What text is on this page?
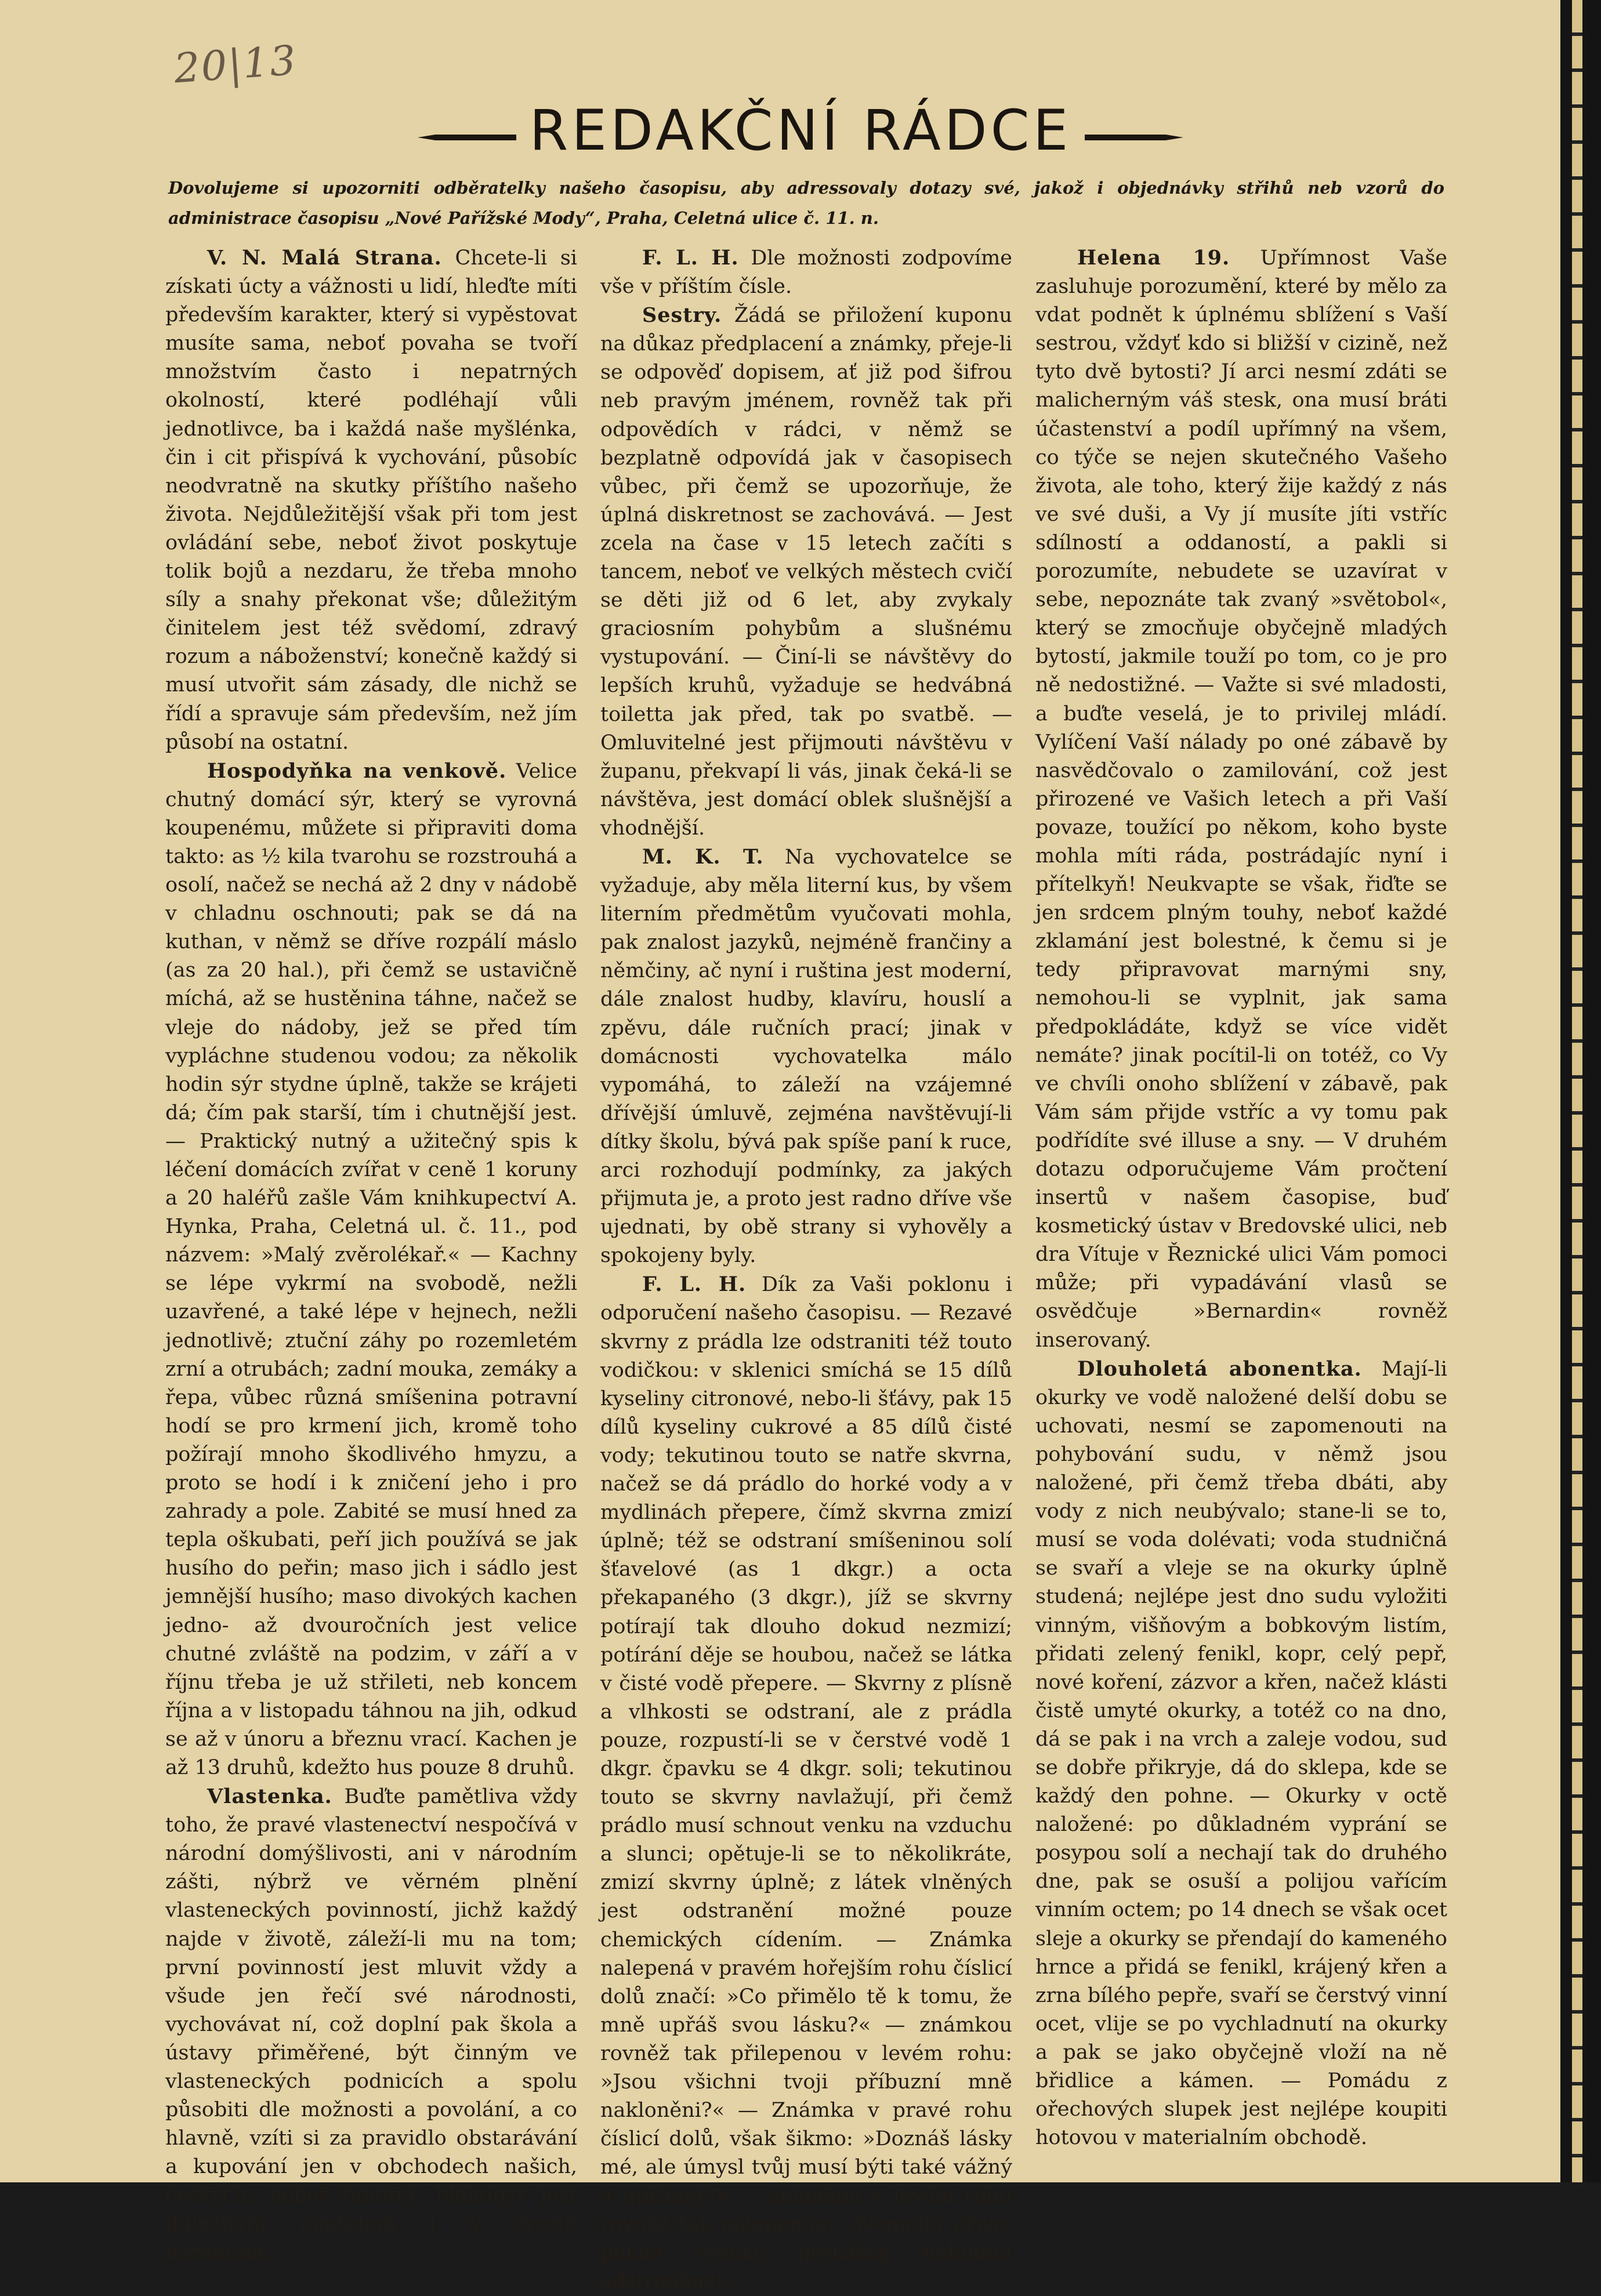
20|13
REDAKČNÍ RÁDCE
Dovolujeme si upozorniti odběratelky našeho časopisu, aby adressovaly dotazy své, jakož i objednávky střihů neb vzorů do administrace časopisu „Nové Pařížské Mody“, Praha, Celetná ulice č. 11. n.

V. N. Malá Strana. Chcete-li si získati úcty a vážnosti u lidí, hleďte míti především karakter, který si vypěstovat musíte sama, neboť povaha se tvoří množstvím často i nepatrných okolností, které podléhají vůli jednotlivce, ba i každá naše myšlénka, čin i cit přispívá k vychování, působíc neodvratně na skutky příštího našeho života. Nejdůležitější však při tom jest ovládání sebe, neboť život poskytuje tolik bojů a nezdaru, že třeba mnoho síly a snahy překonat vše; důležitým činitelem jest též svědomí, zdravý rozum a náboženství; konečně každý si musí utvořit sám zásady, dle nichž se řídí a spravuje sám především, než jím působí na ostatní.

Hospodyňka na venkově. Velice chutný domácí sýr, který se vyrovná koupenému, můžete si připraviti doma takto: as ½ kila tvarohu se rozstrouhá a osolí, načež se nechá až 2 dny v nádobě v chladnu oschnouti; pak se dá na kuthan, v němž se dříve rozpálí máslo (as za 20 hal.), při čemž se ustavičně míchá, až se hustěnina táhne, načež se vleje do nádoby, jež se před tím vypláchne studenou vodou; za několik hodin sýr stydne úplně, takže se krájeti dá; čím pak starší, tím i chutnější jest. — Praktický nutný a užitečný spis k léčení domácích zvířat v ceně 1 koruny a 20 haléřů zašle Vám knihkupectví A. Hynka, Praha, Celetná ul. č. 11., pod názvem: »Malý zvěrolékař.« — Kachny se lépe vykrmí na svobodě, nežli uzavřené, a také lépe v hejnech, nežli jednotlivě; ztuční záhy po rozemletém zrní a otrubách; zadní mouka, zemáky a řepa, vůbec různá smíšenina potravní hodí se pro krmení jich, kromě toho požírají mnoho škodlivého hmyzu, a proto se hodí i k zničení jeho i pro zahrady a pole. Zabité se musí hned za tepla oškubati, peří jich používá se jak husího do peřin; maso jich i sádlo jest jemnější husího; maso divokých kachen jedno- až dvouročních jest velice chutné zvláště na podzim, v září a v říjnu třeba je už střileti, neb koncem října a v listopadu táhnou na jih, odkud se až v únoru a březnu vrací. Kachen je až 13 druhů, kdežto hus pouze 8 druhů.

Vlastenka. Buďte pamětliva vždy toho, že pravé vlastenectví nespočívá v národní domýšlivosti, ani v národním zášti, nýbrž ve věrném plnění vlasteneckých povinností, jichž každý najde v životě, záleží-li mu na tom; první povinností jest mluvit vždy a všude jen řečí své národnosti, vychovávat ní, což doplní pak škola a ústavy přiměřené, být činným ve vlasteneckých podnicích a spolu působiti dle možnosti a povolání, a co hlavně, vzíti si za pravidlo obstarávání a kupování jen v obchodech našich, českých, neboť hmotný blahobyt jest důležitým činitelem i v životě národním.

F. L. H. Dle možnosti zodpovíme vše v příštím čísle.

Sestry. Žádá se přiložení kuponu na důkaz předplacení a známky, přeje-li se odpověď dopisem, ať již pod šifrou neb pravým jménem, rovněž tak při odpovědích v rádci, v němž se bezplatně odpovídá jak v časopisech vůbec, při čemž se upozorňuje, že úplná diskretnost se zachovává. — Jest zcela na čase v 15 letech začíti s tancem, neboť ve velkých městech cvičí se děti již od 6 let, aby zvykaly graciosním pohybům a slušnému vystupování. — Činí-li se návštěvy do lepších kruhů, vyžaduje se hedvábná toiletta jak před, tak po svatbě. — Omluvitelné jest přijmouti návštěvu v županu, překvapí li vás, jinak čeká-li se návštěva, jest domácí oblek slušnější a vhodnější.

M. K. T. Na vychovatelce se vyžaduje, aby měla literní kus, by všem literním předmětům vyučovati mohla, pak znalost jazyků, nejméně frančiny a němčiny, ač nyní i ruština jest moderní, dále znalost hudby, klavíru, houslí a zpěvu, dále ručních prací; jinak v domácnosti vychovatelka málo vypomáhá, to záleží na vzájemné dřívější úmluvě, zejména navštěvují-li dítky školu, bývá pak spíše paní k ruce, arci rozhodují podmínky, za jakých přijmuta je, a proto jest radno dříve vše ujednati, by obě strany si vyhověly a spokojeny byly.

F. L. H. Dík za Vaši poklonu i odporučení našeho časopisu. — Rezavé skvrny z prádla lze odstraniti též touto vodičkou: v sklenici smíchá se 15 dílů kyseliny citronové, nebo-li šťávy, pak 15 dílů kyseliny cukrové a 85 dílů čisté vody; tekutinou touto se natře skvrna, načež se dá prádlo do horké vody a v mydlinách přepere, čímž skvrna zmizí úplně; též se odstraní smíšeninou solí šťavelové (as 1 dkgr.) a octa překapaného (3 dkgr.), jíž se skvrny potírají tak dlouho dokud nezmizí; potírání děje se houbou, načež se látka v čisté vodě přepere. — Skvrny z plísně a vlhkosti se odstraní, ale z prádla pouze, rozpustí-li se v čerstvé vodě 1 dkgr. čpavku se 4 dkgr. soli; tekutinou touto se skvrny navlažují, při čemž prádlo musí schnout venku na vzduchu a slunci; opětuje-li se to několikráte, zmizí skvrny úplně; z látek vlněných jest odstranění možné pouze chemických cídením. — Známka nalepená v pravém hořejším rohu číslicí dolů značí: »Co přimělo tě k tomu, že mně upřáš svou lásku?« — známkou rovněž tak přilepenou v levém rohu: »Jsou všichni tvoji příbuzní mně nakloněni?« — Známka v pravé rohu číslicí dolů, však šikmo: »Doznáš lásky mé, ale úmysl tvůj musí býti také vážný a upřímný!« — známkou v levém rohu rovněž tak nalepenou: »Nemohu dříve, pokud všecky překážky nebudou odstraněny!«

Helena 19. Upřímnost Vaše zasluhuje porozumění, které by mělo za vdat podnět k úplnému sblížení s Vaší sestrou, vždyť kdo si bližší v cizině, než tyto dvě bytosti? Jí arci nesmí zdáti se malicherným váš stesk, ona musí bráti účastenství a podíl upřímný na všem, co týče se nejen skutečného Vašeho života, ale toho, který žije každý z nás ve své duši, a Vy jí musíte jíti vstříc sdílností a oddaností, a pakli si porozumíte, nebudete se uzavírat v sebe, nepoznáte tak zvaný »světobol«, který se zmocňuje obyčejně mladých bytostí, jakmile touží po tom, co je pro ně nedostižné. — Važte si své mladosti, a buďte veselá, je to privilej mládí. Vylíčení Vaší nálady po oné zábavě by nasvědčovalo o zamilování, což jest přirozené ve Vašich letech a při Vaší povaze, toužící po někom, koho byste mohla míti ráda, postrádajíc nyní i přítelkyň! Neukvapte se však, řiďte se jen srdcem plným touhy, neboť každé zklamání jest bolestné, k čemu si je tedy připravovat marnými sny, nemohou-li se vyplnit, jak sama předpokládáte, když se více vidět nemáte? jinak pocítil-li on totéž, co Vy ve chvíli onoho sblížení v zábavě, pak Vám sám přijde vstříc a vy tomu pak podřídíte své illuse a sny. — V druhém dotazu odporučujeme Vám pročtení insertů v našem časopise, buď kosmetický ústav v Bredovské ulici, neb dra Vítuje v Řeznické ulici Vám pomoci může; při vypadávání vlasů se osvědčuje »Bernardin« rovněž inserovaný.

Dlouholetá abonentka. Mají-li okurky ve vodě naložené delší dobu se uchovati, nesmí se zapomenouti na pohybování sudu, v němž jsou naložené, při čemž třeba dbáti, aby vody z nich neubývalo; stane-li se to, musí se voda dolévati; voda studničná se svaří a vleje se na okurky úplně studená; nejlépe jest dno sudu vyložiti vinným, višňovým a bobkovým listím, přidati zelený fenikl, kopr, celý pepř, nové koření, zázvor a křen, načež klásti čistě umyté okurky, a totéž co na dno, dá se pak i na vrch a zaleje vodou, sud se dobře přikryje, dá do sklepa, kde se každý den pohne. — Okurky v octě naložené: po důkladném vyprání se posypou solí a nechají tak do druhého dne, pak se osuší a polijou vařícím vinním octem; po 14 dnech se však ocet sleje a okurky se přendají do kameného hrnce a přidá se fenikl, krájený křen a zrna bílého pepře, svaří se čerstvý vinní ocet, vlije se po vychladnutí na okurky a pak se jako obyčejně vloží na ně břidlice a kámen. — Pomádu z ořechových slupek jest nejlépe koupiti hotovou v materialním obchodě.
